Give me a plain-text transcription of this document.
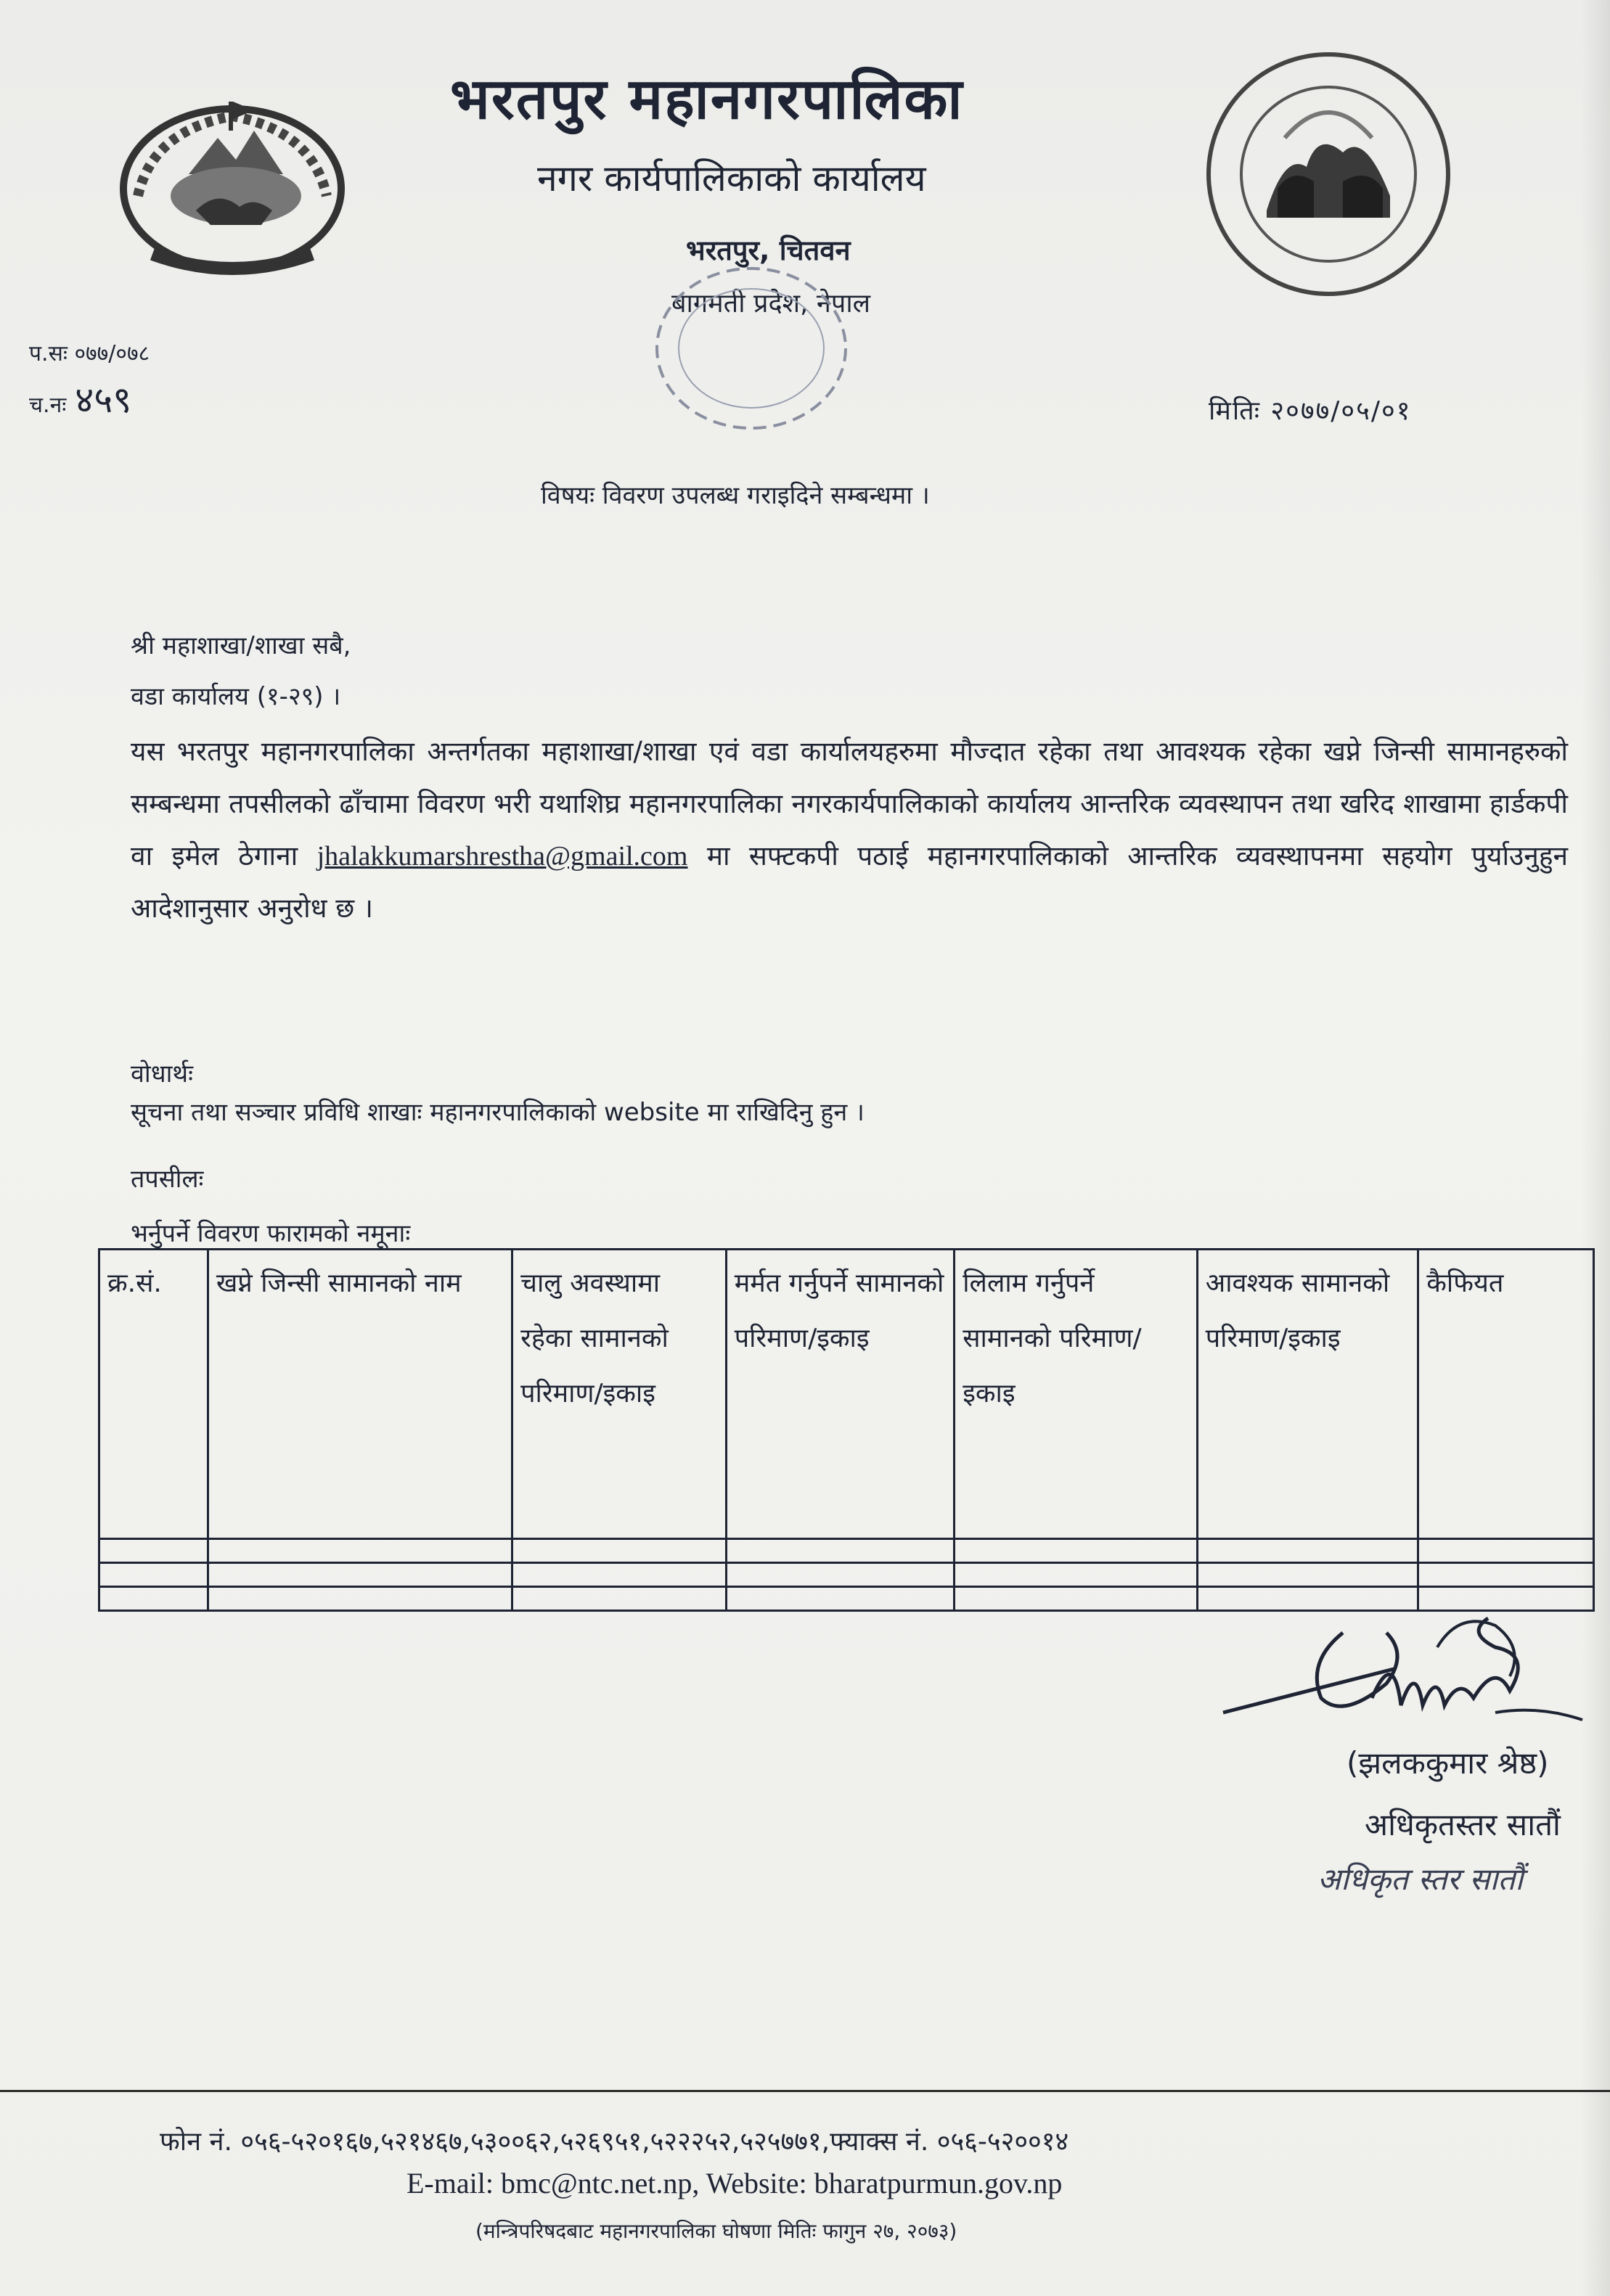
भरतपुर महानगरपालिका
नगर कार्यपालिकाको कार्यालय
भरतपुर, चितवन
बागमती प्रदेश, नेपाल
प.सः ०७७/०७८
च.नः ४५९	मितिः २०७७/०५/०१
विषयः विवरण उपलब्ध गराइदिने सम्बन्धमा ।
श्री महाशाखा/शाखा सबै,
वडा कार्यालय (१-२९) ।
यस भरतपुर महानगरपालिका अन्तर्गतका महाशाखा/शाखा एवं वडा कार्यालयहरुमा मौज्दात रहेका तथा आवश्यक रहेका खप्ने जिन्सी सामानहरुको सम्बन्धमा तपसीलको ढाँचामा विवरण भरी यथाशिघ्र महानगरपालिका नगरकार्यपालिकाको कार्यालय आन्तरिक व्यवस्थापन तथा खरिद शाखामा हार्डकपी वा इमेल ठेगाना jhalakkumarshrestha@gmail.com मा सफ्टकपी पठाई महानगरपालिकाको आन्तरिक व्यवस्थापनमा सहयोग पुर्याउनुहुन आदेशानुसार अनुरोध छ ।
वोधार्थः
सूचना तथा सञ्चार प्रविधि शाखाः महानगरपालिकाको website मा राखिदिनु हुन ।
तपसीलः
भर्नुपर्ने विवरण फारामको नमूनाः
क्र.सं.	खप्ने जिन्सी सामानको नाम	चालु अवस्थामा रहेका सामानको परिमाण/इकाइ	मर्मत गर्नुपर्ने सामानको परिमाण/इकाइ	लिलाम गर्नुपर्ने सामानको परिमाण/इकाइ	आवश्यक सामानको परिमाण/इकाइ	कैफियत

(झलककुमार श्रेष्ठ)
अधिकृतस्तर सातौं
अधिकृत स्तर सातौं
फोन नं. ०५६-५२०१६७,५२१४६७,५३००६२,५२६९५१,५२२२५२,५२५७७१,फ्याक्स नं. ०५६-५२००१४
E-mail: bmc@ntc.net.np, Website: bharatpurmun.gov.np
(मन्त्रिपरिषदबाट महानगरपालिका घोषणा मितिः फागुन २७, २०७३)
